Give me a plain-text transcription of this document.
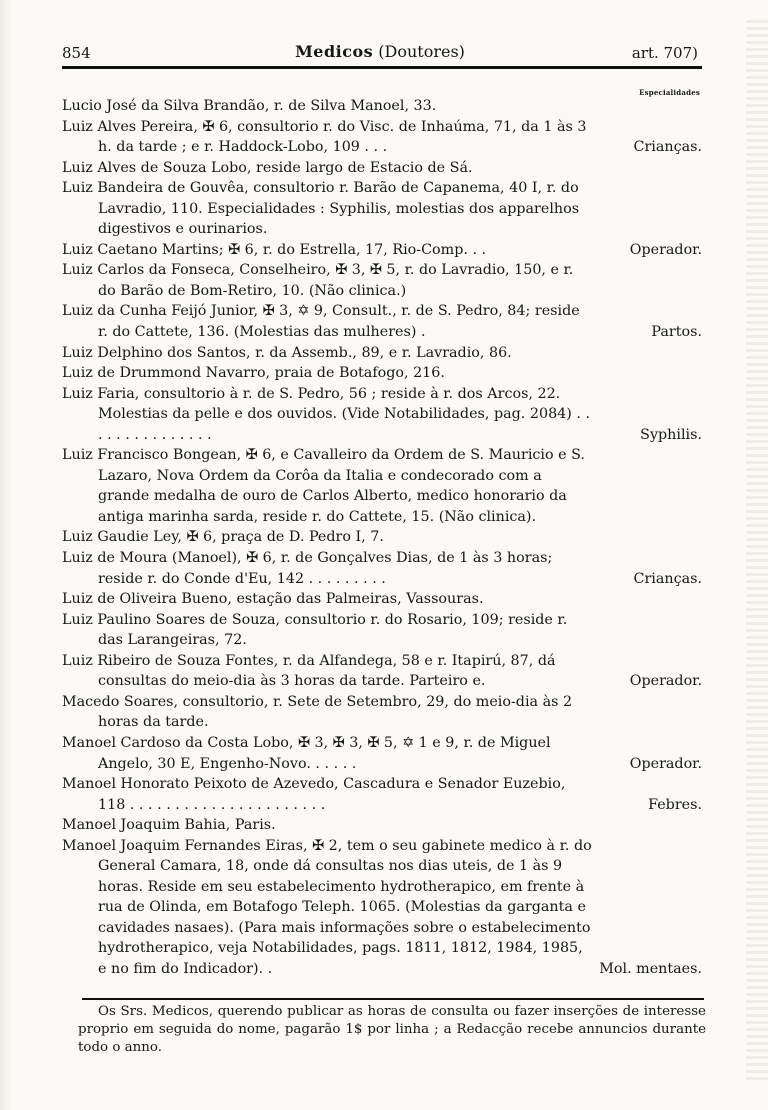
854	Medicos (Doutores)	art. 707)
Especialidades
Lucio José da Silva Brandão, r. de Silva Manoel, 33.
Luiz Alves Pereira, ✠ 6, consultorio r. do Visc. de Inhaúma, 71, da 1 às 3 h. da tarde ; e r. Haddock-Lobo, 109 . . .	Crianças.
Luiz Alves de Souza Lobo, reside largo de Estacio de Sá.
Luiz Bandeira de Gouvêa, consultorio r. Barão de Capanema, 40 I, r. do Lavradio, 110. Especialidades : Syphilis, molestias dos apparelhos digestivos e ourinarios.
Luiz Caetano Martins; ✠ 6, r. do Estrella, 17, Rio-Comp. . .	Operador.
Luiz Carlos da Fonseca, Conselheiro, ✠ 3, ✠ 5, r. do Lavradio, 150, e r. do Barão de Bom-Retiro, 10. (Não clinica.)
Luiz da Cunha Feijó Junior, ✠ 3, ✡ 9, Consult., r. de S. Pedro, 84; reside r. do Cattete, 136. (Molestias das mulheres) .	Partos.
Luiz Delphino dos Santos, r. da Assemb., 89, e r. Lavradio, 86.
Luiz de Drummond Navarro, praia de Botafogo, 216.
Luiz Faria, consultorio à r. de S. Pedro, 56 ; reside à r. dos Arcos, 22. Molestias da pelle e dos ouvidos. (Vide Notabilidades, pag. 2084) . . . . . . . . . . . . . . .	Syphilis.
Luiz Francisco Bongean, ✠ 6, e Cavalleiro da Ordem de S. Mauricio e S. Lazaro, Nova Ordem da Corôa da Italia e condecorado com a grande medalha de ouro de Carlos Alberto, medico honorario da antiga marinha sarda, reside r. do Cattete, 15. (Não clinica).
Luiz Gaudie Ley, ✠ 6, praça de D. Pedro I, 7.
Luiz de Moura (Manoel), ✠ 6, r. de Gonçalves Dias, de 1 às 3 horas; reside r. do Conde d'Eu, 142 . . . . . . . . .	Crianças.
Luiz de Oliveira Bueno, estação das Palmeiras, Vassouras.
Luiz Paulino Soares de Souza, consultorio r. do Rosario, 109; reside r. das Larangeiras, 72.
Luiz Ribeiro de Souza Fontes, r. da Alfandega, 58 e r. Itapirú, 87, dá consultas do meio-dia às 3 horas da tarde. Parteiro e.	Operador.
Macedo Soares, consultorio, r. Sete de Setembro, 29, do meio-dia às 2 horas da tarde.
Manoel Cardoso da Costa Lobo, ✠ 3, ✠ 3, ✠ 5, ✡ 1 e 9, r. de Miguel Angelo, 30 E, Engenho-Novo. . . . . .	Operador.
Manoel Honorato Peixoto de Azevedo, Cascadura e Senador Euzebio, 118 . . . . . . . . . . . . . . . . . . . . . .	Febres.
Manoel Joaquim Bahia, Paris.
Manoel Joaquim Fernandes Eiras, ✠ 2, tem o seu gabinete medico à r. do General Camara, 18, onde dá consultas nos dias uteis, de 1 às 9 horas. Reside em seu estabelecimento hydrotherapico, em frente à rua de Olinda, em Botafogo Teleph. 1065. (Molestias da garganta e cavidades nasaes). (Para mais informações sobre o estabelecimento hydrotherapico, veja Notabilidades, pags. 1811, 1812, 1984, 1985, e no fim do Indicador). .	Mol. mentaes.
Os Srs. Medicos, querendo publicar as horas de consulta ou fazer inserções de interesse proprio em seguida do nome, pagarão 1$ por linha ; a Redacção recebe annuncios durante todo o anno.
